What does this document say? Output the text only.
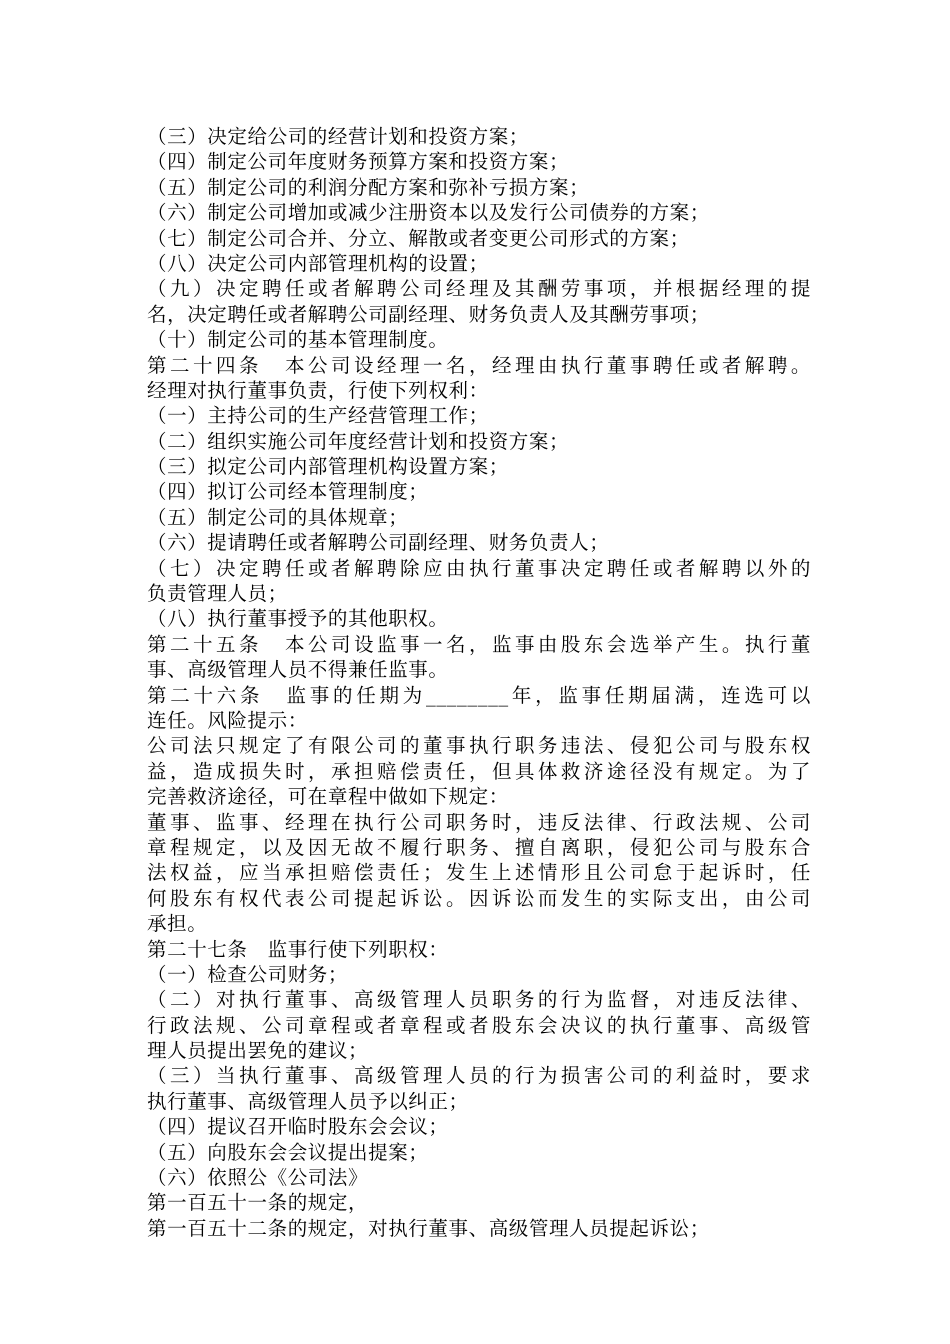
（三）决定给公司的经营计划和投资方案；
（四）制定公司年度财务预算方案和投资方案；
（五）制定公司的利润分配方案和弥补亏损方案；
（六）制定公司增加或减少注册资本以及发行公司债券的方案；
（七）制定公司合并、分立、解散或者变更公司形式的方案；
（八）决定公司内部管理机构的设置；
（九）决定聘任或者解聘公司经理及其酬劳事项，并根据经理的提
名，决定聘任或者解聘公司副经理、财务负责人及其酬劳事项；
（十）制定公司的基本管理制度。
第二十四条　本公司设经理一名，经理由执行董事聘任或者解聘。
经理对执行董事负责，行使下列权利：
（一）主持公司的生产经营管理工作；
（二）组织实施公司年度经营计划和投资方案；
（三）拟定公司内部管理机构设置方案；
（四）拟订公司经本管理制度；
（五）制定公司的具体规章；
（六）提请聘任或者解聘公司副经理、财务负责人；
（七）决定聘任或者解聘除应由执行董事决定聘任或者解聘以外的
负责管理人员；
（八）执行董事授予的其他职权。
第二十五条　本公司设监事一名，监事由股东会选举产生。执行董
事、高级管理人员不得兼任监事。
第二十六条　监事的任期为________年，监事任期届满，连选可以
连任。风险提示：
公司法只规定了有限公司的董事执行职务违法、侵犯公司与股东权
益，造成损失时，承担赔偿责任，但具体救济途径没有规定。为了
完善救济途径，可在章程中做如下规定：
董事、监事、经理在执行公司职务时，违反法律、行政法规、公司
章程规定，以及因无故不履行职务、擅自离职，侵犯公司与股东合
法权益，应当承担赔偿责任；发生上述情形且公司怠于起诉时，任
何股东有权代表公司提起诉讼。因诉讼而发生的实际支出，由公司
承担。
第二十七条　监事行使下列职权：
（一）检查公司财务；
（二）对执行董事、高级管理人员职务的行为监督，对违反法律、
行政法规、公司章程或者章程或者股东会决议的执行董事、高级管
理人员提出罢免的建议；
（三）当执行董事、高级管理人员的行为损害公司的利益时，要求
执行董事、高级管理人员予以纠正；
（四）提议召开临时股东会会议；
（五）向股东会会议提出提案；
（六）依照公《公司法》
第一百五十一条的规定，
第一百五十二条的规定，对执行董事、高级管理人员提起诉讼；
